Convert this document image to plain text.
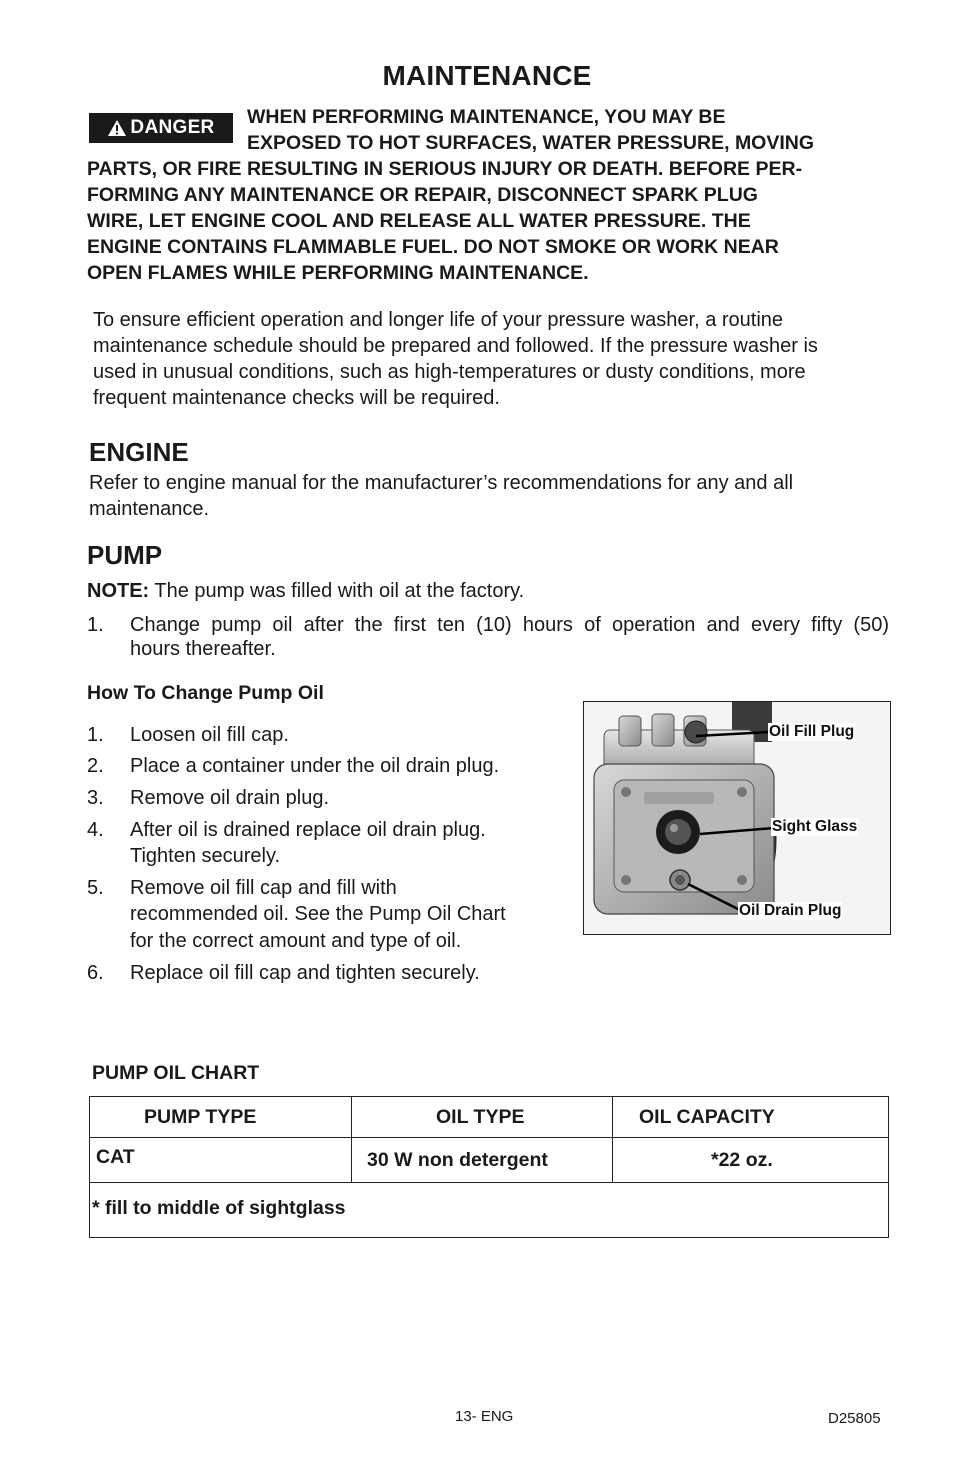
MAINTENANCE
DANGER WHEN PERFORMING MAINTENANCE, YOU MAY BE
EXPOSED TO HOT SURFACES, WATER PRESSURE, MOVING
PARTS, OR FIRE RESULTING IN SERIOUS INJURY OR DEATH. BEFORE PER-
FORMING ANY MAINTENANCE OR REPAIR, DISCONNECT SPARK PLUG
WIRE, LET ENGINE COOL AND RELEASE ALL WATER PRESSURE. THE
ENGINE CONTAINS FLAMMABLE FUEL. DO NOT SMOKE OR WORK NEAR
OPEN FLAMES WHILE PERFORMING MAINTENANCE.
To ensure efficient operation and longer life of your pressure washer, a routine
maintenance schedule should be prepared and followed. If the pressure washer is
used in unusual conditions, such as high-temperatures or dusty conditions, more
frequent maintenance checks will be required.
ENGINE
Refer to engine manual for the manufacturer’s recommendations for any and all
maintenance.
PUMP
NOTE: The pump was filled with oil at the factory.
1.	Change pump oil after the first ten (10) hours of operation and every fifty (50)
hours thereafter.
How To Change Pump Oil
1.	Loosen oil fill cap.
2.	Place a container under the oil drain plug.
3.	Remove oil drain plug.
4.	After oil is drained replace oil drain plug.
Tighten securely.
5.	Remove oil fill cap and fill with
recommended oil. See the Pump Oil Chart
for the correct amount and type of oil.
6.	Replace oil fill cap and tighten securely.
Oil Fill Plug
Sight Glass
Oil Drain Plug
PUMP OIL CHART
PUMP TYPE	OIL TYPE	OIL CAPACITY
CAT	30 W non detergent	*22 oz.
* fill to middle of sightglass		
13- ENG	D25805
